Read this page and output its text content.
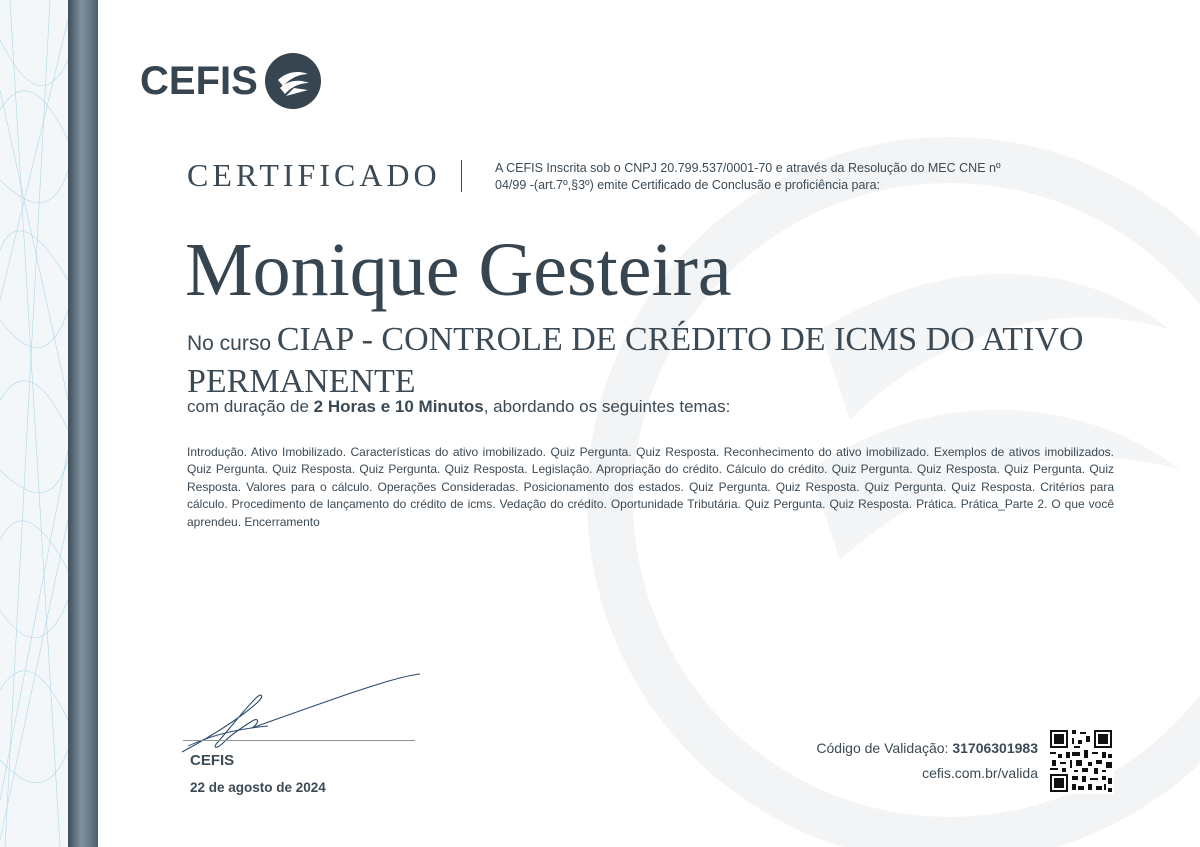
CEFIS
CERTIFICADO	A CEFIS Inscrita sob o CNPJ 20.799.537/0001-70 e através da Resolução do MEC CNE nº 04/99 -(art.7º,§3º) emite Certificado de Conclusão e proficiência para:
Monique Gesteira
No curso CIAP - CONTROLE DE CRÉDITO DE ICMS DO ATIVO PERMANENTE
com duração de 2 Horas e 10 Minutos, abordando os seguintes temas:
Introdução. Ativo Imobilizado. Características do ativo imobilizado. Quiz Pergunta. Quiz Resposta. Reconhecimento do ativo imobilizado. Exemplos de ativos imobilizados. Quiz Pergunta. Quiz Resposta. Quiz Pergunta. Quiz Resposta. Legislação. Apropriação do crédito. Cálculo do crédito. Quiz Pergunta. Quiz Resposta. Quiz Pergunta. Quiz Resposta. Valores para o cálculo. Operações Consideradas. Posicionamento dos estados. Quiz Pergunta. Quiz Resposta. Quiz Pergunta. Quiz Resposta. Critérios para cálculo. Procedimento de lançamento do crédito de icms. Vedação do crédito. Oportunidade Tributária. Quiz Pergunta. Quiz Resposta. Prática. Prática_Parte 2. O que você aprendeu. Encerramento
CEFIS
22 de agosto de 2024
Código de Validação: 31706301983
cefis.com.br/valida
